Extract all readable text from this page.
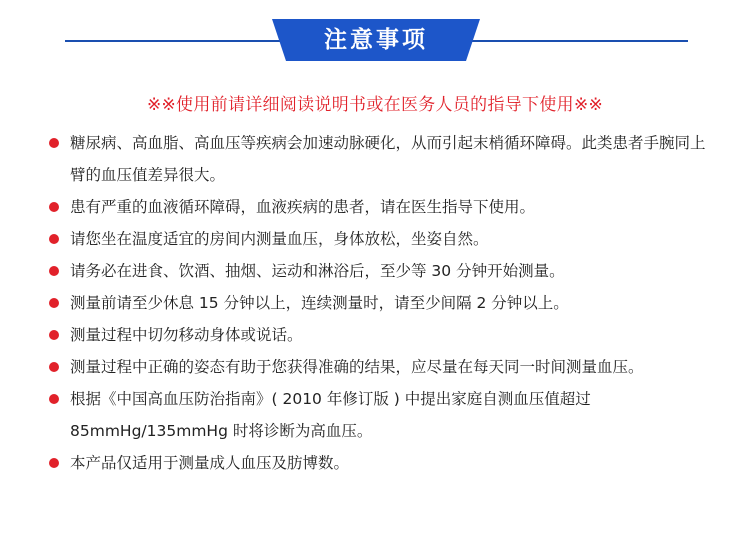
注意事项
※※使用前请详细阅读说明书或在医务人员的指导下使用※※
糖尿病、高血脂、高血压等疾病会加速动脉硬化，从而引起末梢循环障碍。此类患者手腕同上臂的血压值差异很大。
患有严重的血液循环障碍，血液疾病的患者，请在医生指导下使用。
请您坐在温度适宜的房间内测量血压，身体放松，坐姿自然。
请务必在进食、饮酒、抽烟、运动和淋浴后，至少等 30 分钟开始测量。
测量前请至少休息 15 分钟以上，连续测量时，请至少间隔 2 分钟以上。
测量过程中切勿移动身体或说话。
测量过程中正确的姿态有助于您获得准确的结果，应尽量在每天同一时间测量血压。
根据《中国高血压防治指南》( 2010 年修订版 ) 中提出家庭自测血压值超过85mmHg/135mmHg 时将诊断为高血压。
本产品仅适用于测量成人血压及肪博数。
